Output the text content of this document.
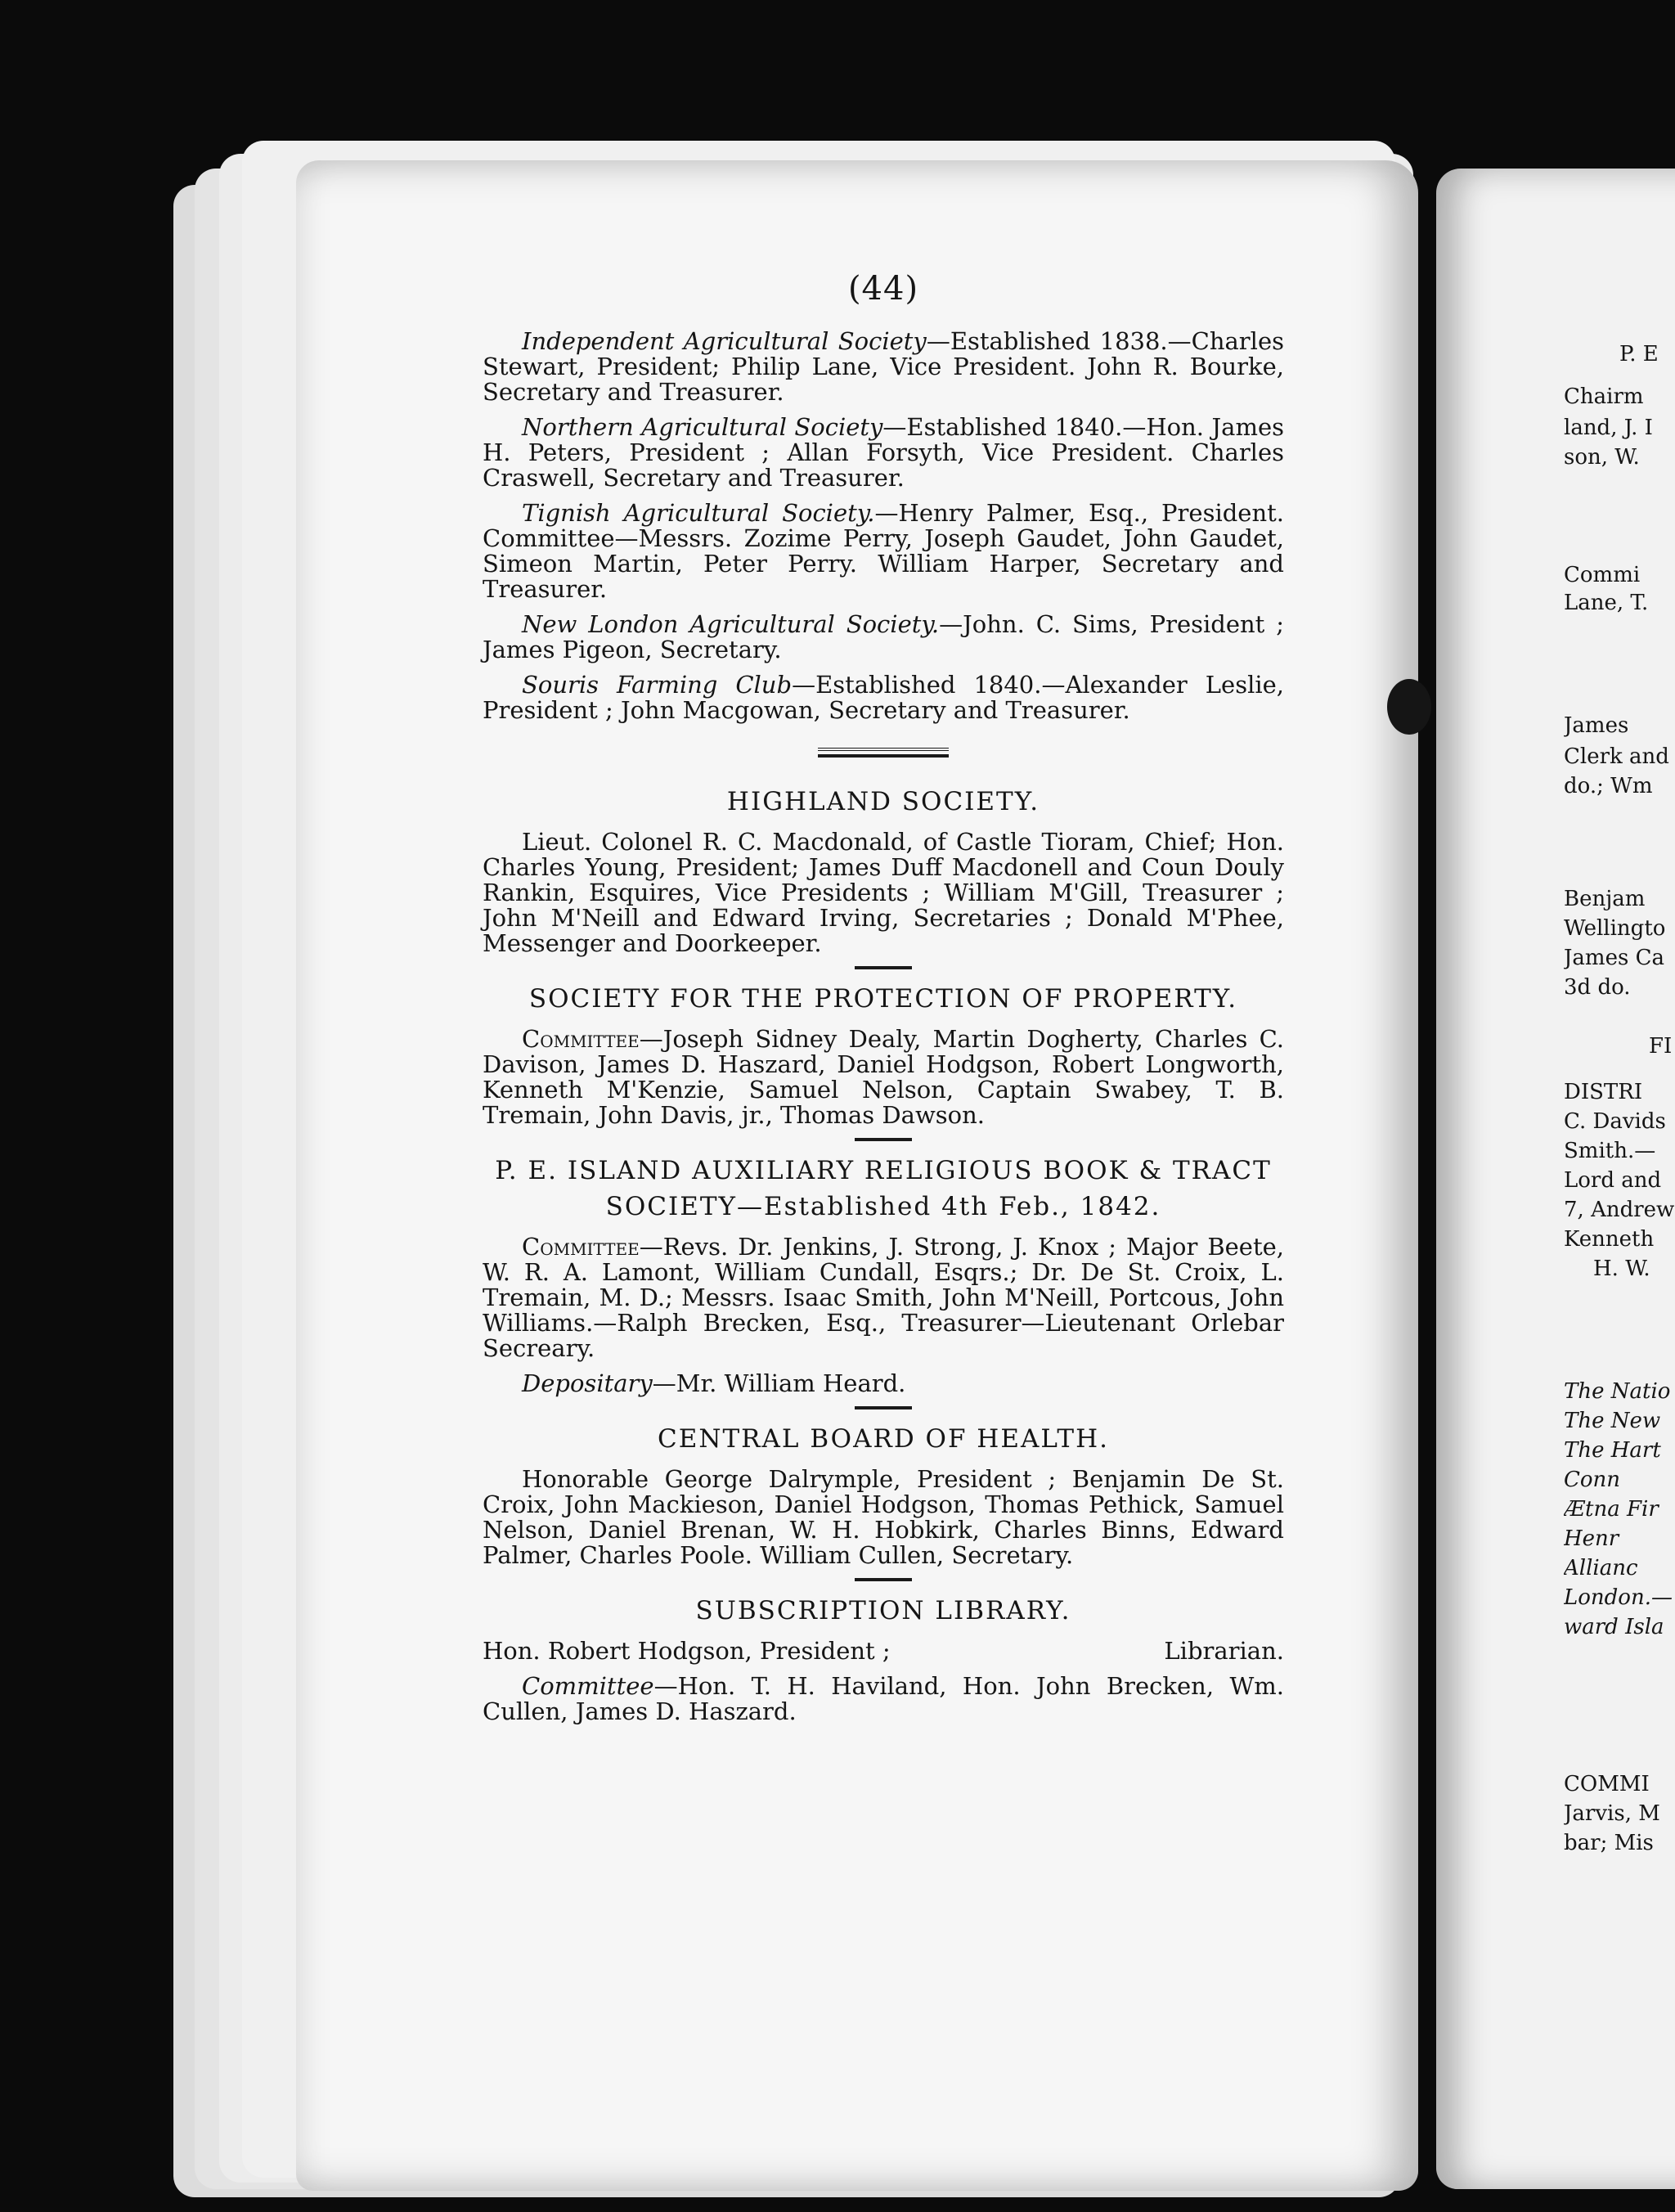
P. E
Chairm
land, J. I
son, W.
Commi
Lane, T.
James
Clerk and
do.; Wm
Benjam
Wellingto
James Ca
3d do.
FI
DISTRI
C. Davids
Smith.—
Lord and
7, Andrew
Kenneth
H. W.
The Natio
The New
The Hart
Conn
Ætna Fir
Henr
Allianc
London.—
ward Isla
COMMI
Jarvis, M
bar; Mis
(44)

Independent Agricultural Society—Established 1838.—Charles Stewart, President; Philip Lane, Vice President. John R. Bourke, Secretary and Treasurer.

Northern Agricultural Society—Established 1840.—Hon. James H. Peters, President ; Allan Forsyth, Vice President. Charles Craswell, Secretary and Treasurer.

Tignish Agricultural Society.—Henry Palmer, Esq., President. Committee—Messrs. Zozime Perry, Joseph Gaudet, John Gaudet, Simeon Martin, Peter Perry. William Harper, Secretary and Treasurer.

New London Agricultural Society.—John. C. Sims, President ; James Pigeon, Secretary.

Souris Farming Club—Established 1840.—Alexander Leslie, President ; John Macgowan, Secretary and Treasurer.

HIGHLAND SOCIETY.

Lieut. Colonel R. C. Macdonald, of Castle Tioram, Chief; Hon. Charles Young, President; James Duff Macdonell and Coun Douly Rankin, Esquires, Vice Presidents ; William M'Gill, Treasurer ; John M'Neill and Edward Irving, Secretaries ; Donald M'Phee, Messenger and Doorkeeper.

SOCIETY FOR THE PROTECTION OF PROPERTY.

Committee—Joseph Sidney Dealy, Martin Dogherty, Charles C. Davison, James D. Haszard, Daniel Hodgson, Robert Longworth, Kenneth M'Kenzie, Samuel Nelson, Captain Swabey, T. B. Tremain, John Davis, jr., Thomas Dawson.

P. E. ISLAND AUXILIARY RELIGIOUS BOOK & TRACT
SOCIETY—Established 4th Feb., 1842.

Committee—Revs. Dr. Jenkins, J. Strong, J. Knox ; Major Beete, W. R. A. Lamont, William Cundall, Esqrs.; Dr. De St. Croix, L. Tremain, M. D.; Messrs. Isaac Smith, John M'Neill, Portcous, John Williams.—Ralph Brecken, Esq., Treasurer—Lieutenant Orlebar Secreary.

Depositary—Mr. William Heard.

CENTRAL BOARD OF HEALTH.

Honorable George Dalrymple, President ; Benjamin De St. Croix, John Mackieson, Daniel Hodgson, Thomas Pethick, Samuel Nelson, Daniel Brenan, W. H. Hobkirk, Charles Binns, Edward Palmer, Charles Poole. William Cullen, Secretary.

SUBSCRIPTION LIBRARY.

Hon. Robert Hodgson, President ;	Librarian.

Committee—Hon. T. H. Haviland, Hon. John Brecken, Wm. Cullen, James D. Haszard.
